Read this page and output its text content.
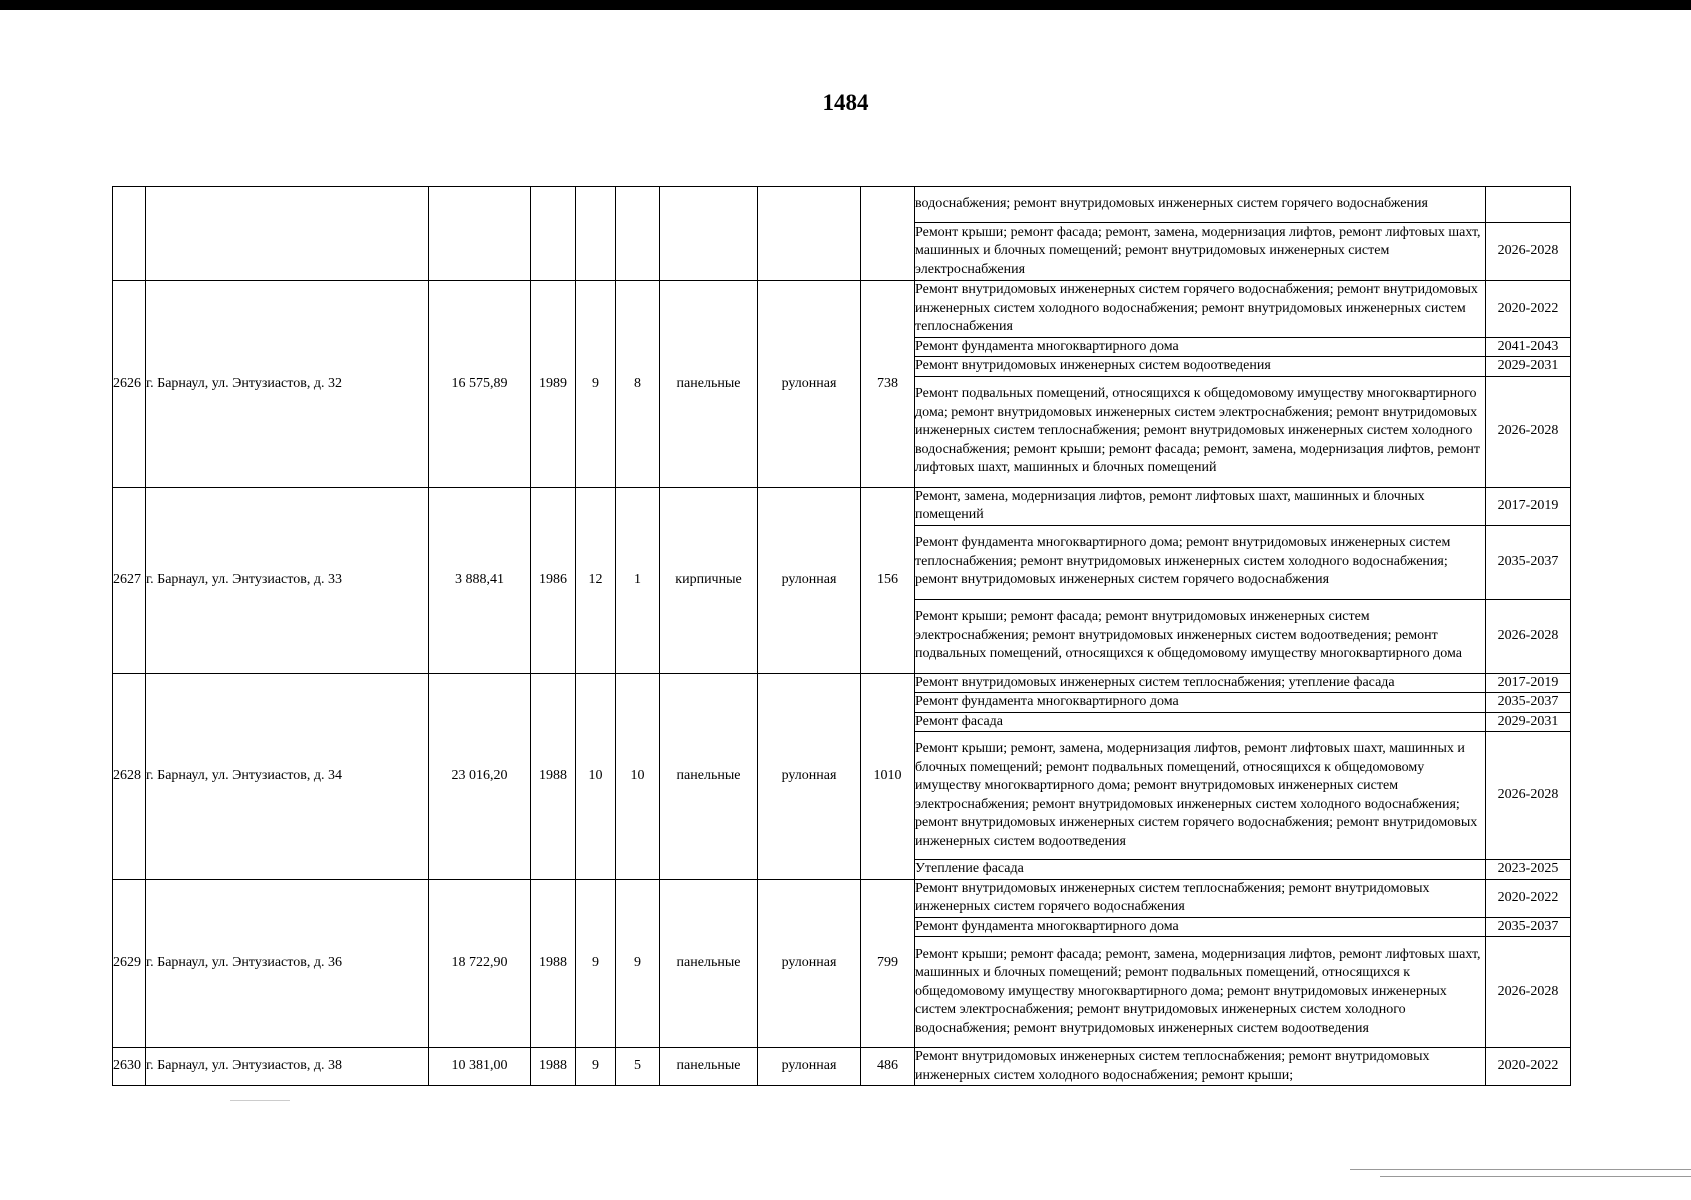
1484
									водоснабжения; ремонт внутридомовых инженерных систем горячего водоснабжения	
									Ремонт крыши; ремонт фасада; ремонт, замена, модернизация лифтов, ремонт лифтовых шахт, машинных и блочных помещений; ремонт внутридомовых инженерных систем электроснабжения	2026-2028
2626	г. Барнаул, ул. Энтузиастов, д. 32	16 575,89	1989	9	8	панельные	рулонная	738	Ремонт внутридомовых инженерных систем горячего водоснабжения; ремонт внутридомовых инженерных систем холодного водоснабжения; ремонт внутридомовых инженерных систем теплоснабжения	2020-2022
									Ремонт фундамента многоквартирного дома	2041-2043
									Ремонт внутридомовых инженерных систем водоотведения	2029-2031
									Ремонт подвальных помещений, относящихся к общедомовому имуществу многоквартирного дома; ремонт внутридомовых инженерных систем электроснабжения; ремонт внутридомовых инженерных систем теплоснабжения; ремонт внутридомовых инженерных систем холодного водоснабжения; ремонт крыши; ремонт фасада; ремонт, замена, модернизация лифтов, ремонт лифтовых шахт, машинных и блочных помещений	2026-2028
2627	г. Барнаул, ул. Энтузиастов, д. 33	3 888,41	1986	12	1	кирпичные	рулонная	156	Ремонт, замена, модернизация лифтов, ремонт лифтовых шахт, машинных и блочных помещений	2017-2019
									Ремонт фундамента многоквартирного дома; ремонт внутридомовых инженерных систем теплоснабжения; ремонт внутридомовых инженерных систем холодного водоснабжения; ремонт внутридомовых инженерных систем горячего водоснабжения	2035-2037
									Ремонт крыши; ремонт фасада; ремонт внутридомовых инженерных систем электроснабжения; ремонт внутридомовых инженерных систем водоотведения; ремонт подвальных помещений, относящихся к общедомовому имуществу многоквартирного дома	2026-2028
2628	г. Барнаул, ул. Энтузиастов, д. 34	23 016,20	1988	10	10	панельные	рулонная	1010	Ремонт внутридомовых инженерных систем теплоснабжения; утепление фасада	2017-2019
									Ремонт фундамента многоквартирного дома	2035-2037
									Ремонт фасада	2029-2031
									Ремонт крыши; ремонт, замена, модернизация лифтов, ремонт лифтовых шахт, машинных и блочных помещений; ремонт подвальных помещений, относящихся к общедомовому имуществу многоквартирного дома; ремонт внутридомовых инженерных систем электроснабжения; ремонт внутридомовых инженерных систем холодного водоснабжения; ремонт внутридомовых инженерных систем горячего водоснабжения; ремонт внутридомовых инженерных систем водоотведения	2026-2028
									Утепление фасада	2023-2025
2629	г. Барнаул, ул. Энтузиастов, д. 36	18 722,90	1988	9	9	панельные	рулонная	799	Ремонт внутридомовых инженерных систем теплоснабжения; ремонт внутридомовых инженерных систем горячего водоснабжения	2020-2022
									Ремонт фундамента многоквартирного дома	2035-2037
									Ремонт крыши; ремонт фасада; ремонт, замена, модернизация лифтов, ремонт лифтовых шахт, машинных и блочных помещений; ремонт подвальных помещений, относящихся к общедомовому имуществу многоквартирного дома; ремонт внутридомовых инженерных систем электроснабжения; ремонт внутридомовых инженерных систем холодного водоснабжения; ремонт внутридомовых инженерных систем водоотведения	2026-2028
2630	г. Барнаул, ул. Энтузиастов, д. 38	10 381,00	1988	9	5	панельные	рулонная	486	Ремонт внутридомовых инженерных систем теплоснабжения; ремонт внутридомовых инженерных систем холодного водоснабжения; ремонт крыши;	2020-2022
